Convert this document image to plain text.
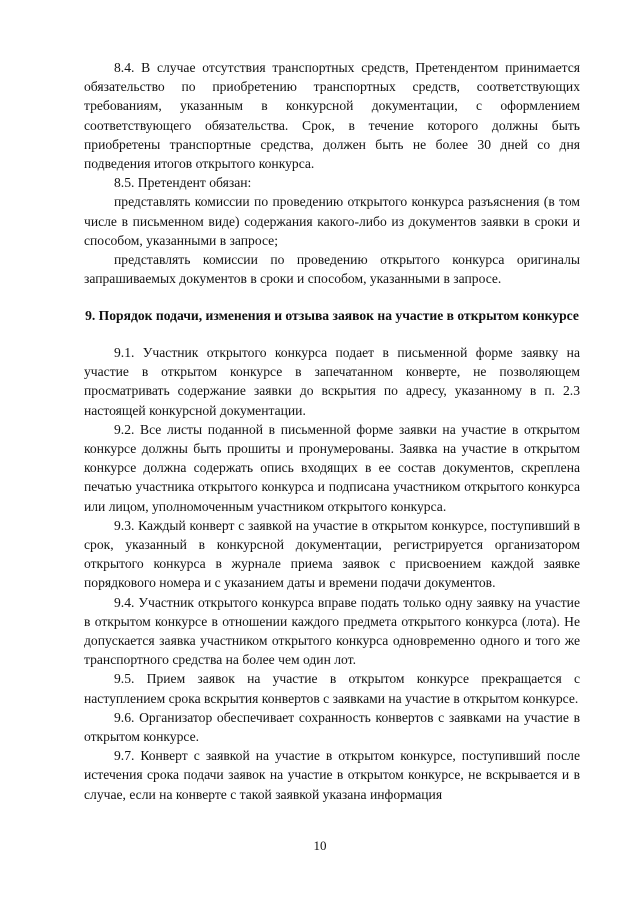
8.4. В случае отсутствия транспортных средств, Претендентом принимается обязательство по приобретению транспортных средств, соответствующих требованиям, указанным в конкурсной документации, с оформлением соответствующего обязательства. Срок, в течение которого должны быть приобретены транспортные средства, должен быть не более 30 дней со дня подведения итогов открытого конкурса.

8.5. Претендент обязан:

представлять комиссии по проведению открытого конкурса разъяснения (в том числе в письменном виде) содержания какого-либо из документов заявки в сроки и способом, указанными в запросе;

представлять комиссии по проведению открытого конкурса оригиналы запрашиваемых документов в сроки и способом, указанными в запросе.

9. Порядок подачи, изменения и отзыва заявок на участие в открытом конкурсе

9.1. Участник открытого конкурса подает в письменной форме заявку на участие в открытом конкурсе в запечатанном конверте, не позволяющем просматривать содержание заявки до вскрытия по адресу, указанному в п. 2.3 настоящей конкурсной документации.

9.2. Все листы поданной в письменной форме заявки на участие в открытом конкурсе должны быть прошиты и пронумерованы. Заявка на участие в открытом конкурсе должна содержать опись входящих в ее состав документов, скреплена печатью участника открытого конкурса и подписана участником открытого конкурса или лицом, уполномоченным участником открытого конкурса.

9.3. Каждый конверт с заявкой на участие в открытом конкурсе, поступивший в срок, указанный в конкурсной документации, регистрируется организатором открытого конкурса в журнале приема заявок с присвоением каждой заявке порядкового номера и с указанием даты и времени подачи документов.

9.4. Участник открытого конкурса вправе подать только одну заявку на участие в открытом конкурсе в отношении каждого предмета открытого конкурса (лота). Не допускается заявка участником открытого конкурса одновременно одного и того же транспортного средства на более чем один лот.

9.5. Прием заявок на участие в открытом конкурсе прекращается с наступлением срока вскрытия конвертов с заявками на участие в открытом конкурсе.

9.6. Организатор обеспечивает сохранность конвертов с заявками на участие в открытом конкурсе.

9.7. Конверт с заявкой на участие в открытом конкурсе, поступивший после истечения срока подачи заявок на участие в открытом конкурсе, не вскрывается и в случае, если на конверте с такой заявкой указана информация

10
